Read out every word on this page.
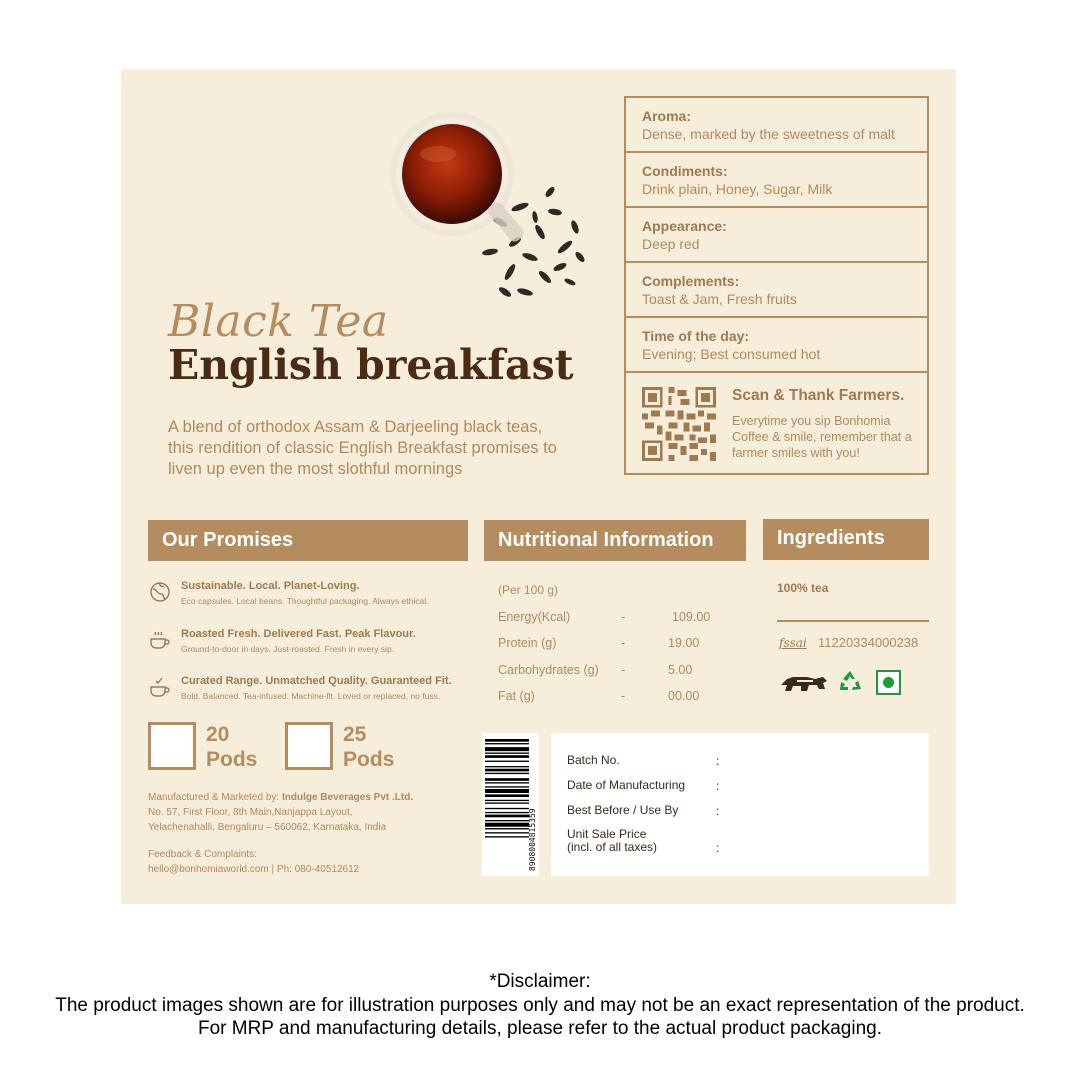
Black Tea
English breakfast
A blend of orthodox Assam & Darjeeling black teas, this rendition of classic English Breakfast promises to liven up even the most slothful mornings
Aroma:
Dense, marked by the sweetness of malt
Condiments:
Drink plain, Honey, Sugar, Milk
Appearance:
Deep red
Complements:
Toast & Jam, Fresh fruits
Time of the day:
Evening; Best consumed hot
Scan & Thank Farmers.
Everytime you sip Bonhomia Coffee & smile, remember that a farmer smiles with you!
Our Promises	Nutritional Information	Ingredients
Sustainable. Local. Planet-Loving.
Eco capsules. Local beans. Thoughtful packaging. Always ethical.
Roasted Fresh. Delivered Fast. Peak Flavour.
Ground-to-door in days. Just-roasted. Fresh in every sip.
Curated Range. Unmatched Quality. Guaranteed Fit.
Bold. Balanced. Tea-infused. Machine-fit. Loved or replaced, no fuss.
20
Pods
25
Pods
Manufactured & Marketed by: Indulge Beverages Pvt .Ltd.
No. 57, First Floor, 8th Main,Nanjappa Layout,
Yelachenahalli, Bengaluru – 560062, Karnataka, India
Feedback & Complaints:
hello@bonhomiaworld.com | Ph: 080-40512612
(Per 100 g)
Energy(Kcal)	-	109.00
Protein (g)	-	19.00
Carbohydrates (g) -	5.00
Fat (g)	-	00.00
100% tea
fssai 11220334000238
8908004815359
Batch No.	:
Date of Manufacturing	:
Best Before / Use By	:
Unit Sale Price
(incl. of all taxes)	:
*Disclaimer:
The product images shown are for illustration purposes only and may not be an exact representation of the product. For MRP and manufacturing details, please refer to the actual product packaging.
